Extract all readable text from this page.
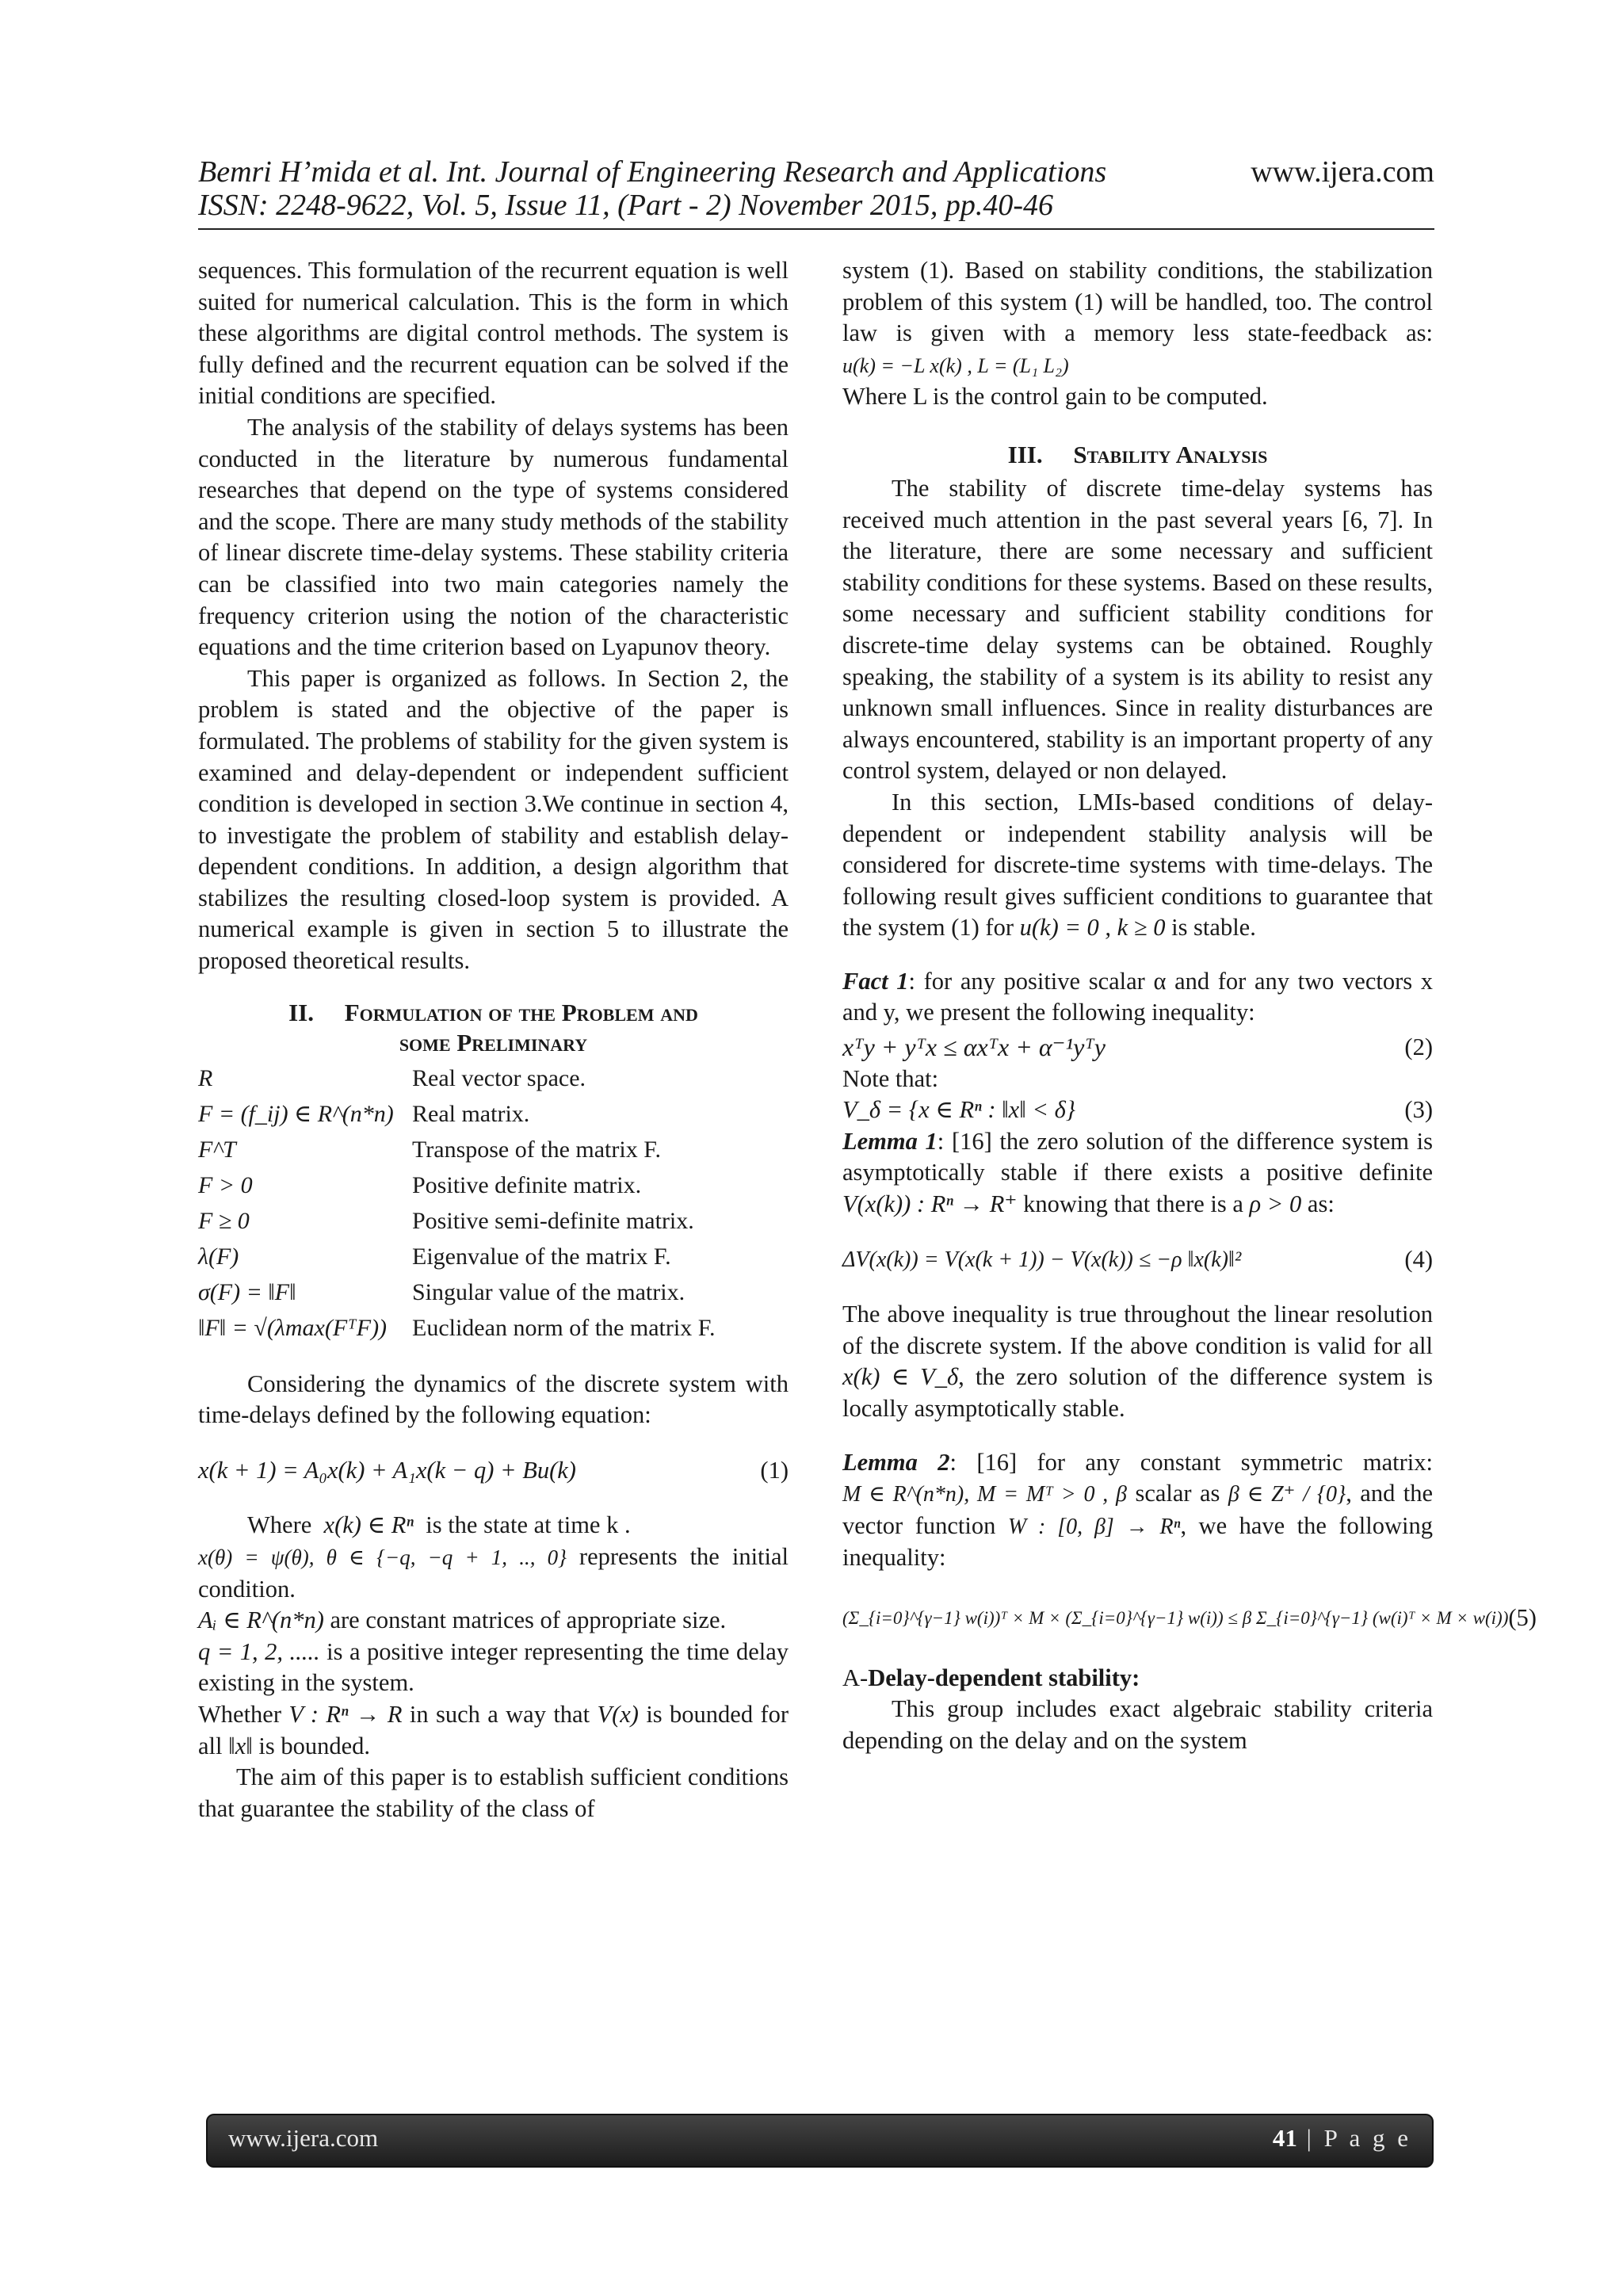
Bemri H’mida et al. Int. Journal of Engineering Research and Applications
ISSN: 2248-9622, Vol. 5, Issue 11, (Part - 2) November 2015, pp.40-46
www.ijera.com

sequences. This formulation of the recurrent equation is well suited for numerical calculation. This is the form in which these algorithms are digital control methods. The system is fully defined and the recurrent equation can be solved if the initial conditions are specified.

The analysis of the stability of delays systems has been conducted in the literature by numerous fundamental researches that depend on the type of systems considered and the scope. There are many study methods of the stability of linear discrete time-delay systems. These stability criteria can be classified into two main categories namely the frequency criterion using the notion of the characteristic equations and the time criterion based on Lyapunov theory.

This paper is organized as follows. In Section 2, the problem is stated and the objective of the paper is formulated. The problems of stability for the given system is examined and delay-dependent or independent sufficient condition is developed in section 3.We continue in section 4, to investigate the problem of stability and establish delay-dependent conditions. In addition, a design algorithm that stabilizes the resulting closed-loop system is provided. A numerical example is given in section 5 to illustrate the proposed theoretical results.

II. Formulation of the Problem and
some Preliminary
R	Real vector space.
F = (f_ij) ∈ R^(n*n)	Real matrix.
F^T	Transpose of the matrix F.
F > 0	Positive definite matrix.
F ≥ 0	Positive semi-definite matrix.
λ(F)	Eigenvalue of the matrix F.
σ(F) = ‖F‖	Singular value of the matrix.
‖F‖ = √(λmax(FᵀF))	Euclidean norm of the matrix F.

Considering the dynamics of the discrete system with time-delays defined by the following equation:

x(k + 1) = A₀x(k) + A₁x(k − q) + Bu(k)	(1)

Where x(k) ∈ Rⁿ is the state at time k .

x(θ) = ψ(θ), θ ∈ {−q, −q + 1, .., 0} represents the initial condition.

Aᵢ ∈ R^(n*n) are constant matrices of appropriate size.

q = 1, 2, ..... is a positive integer representing the time delay existing in the system.

Whether V : Rⁿ → R in such a way that V(x) is bounded for all ‖x‖ is bounded.

The aim of this paper is to establish sufficient conditions that guarantee the stability of the class of

system (1). Based on stability conditions, the stabilization problem of this system (1) will be handled, too. The control law is given with a memory less state-feedback as: u(k) = −L x(k) , L = (L₁ L₂)

Where L is the control gain to be computed.

III. Stability Analysis

The stability of discrete time-delay systems has received much attention in the past several years [6, 7]. In the literature, there are some necessary and sufficient stability conditions for these systems. Based on these results, some necessary and sufficient stability conditions for discrete-time delay systems can be obtained. Roughly speaking, the stability of a system is its ability to resist any unknown small influences. Since in reality disturbances are always encountered, stability is an important property of any control system, delayed or non delayed.

In this section, LMIs-based conditions of delay-dependent or independent stability analysis will be considered for discrete-time systems with time-delays. The following result gives sufficient conditions to guarantee that the system (1) for u(k) = 0 , k ≥ 0 is stable.

Fact 1: for any positive scalar α and for any two vectors x and y, we present the following inequality:

xᵀy + yᵀx ≤ αxᵀx + α⁻¹yᵀy	(2)

Note that:

V_δ = {x ∈ Rⁿ : ‖x‖ < δ}	(3)

Lemma 1: [16] the zero solution of the difference system is asymptotically stable if there exists a positive definite V(x(k)) : Rⁿ → R⁺ knowing that there is a ρ > 0 as:

ΔV(x(k)) = V(x(k + 1)) − V(x(k)) ≤ −ρ ‖x(k)‖²	(4)

The above inequality is true throughout the linear resolution of the discrete system. If the above condition is valid for all x(k) ∈ V_δ, the zero solution of the difference system is locally asymptotically stable.

Lemma 2: [16] for any constant symmetric matrix: M ∈ R^(n*n), M = Mᵀ > 0 , β scalar as β ∈ Z⁺ / {0}, and the vector function W : [0, β] → Rⁿ, we have the following inequality:

(Σ_{i=0}^{γ−1} w(i))ᵀ × M × (Σ_{i=0}^{γ−1} w(i)) ≤ β Σ_{i=0}^{γ−1} (w(i)ᵀ × M × w(i)) (5)

A-Delay-dependent stability:

This group includes exact algebraic stability criteria depending on the delay and on the system

www.ijera.com	41 | P a g e
